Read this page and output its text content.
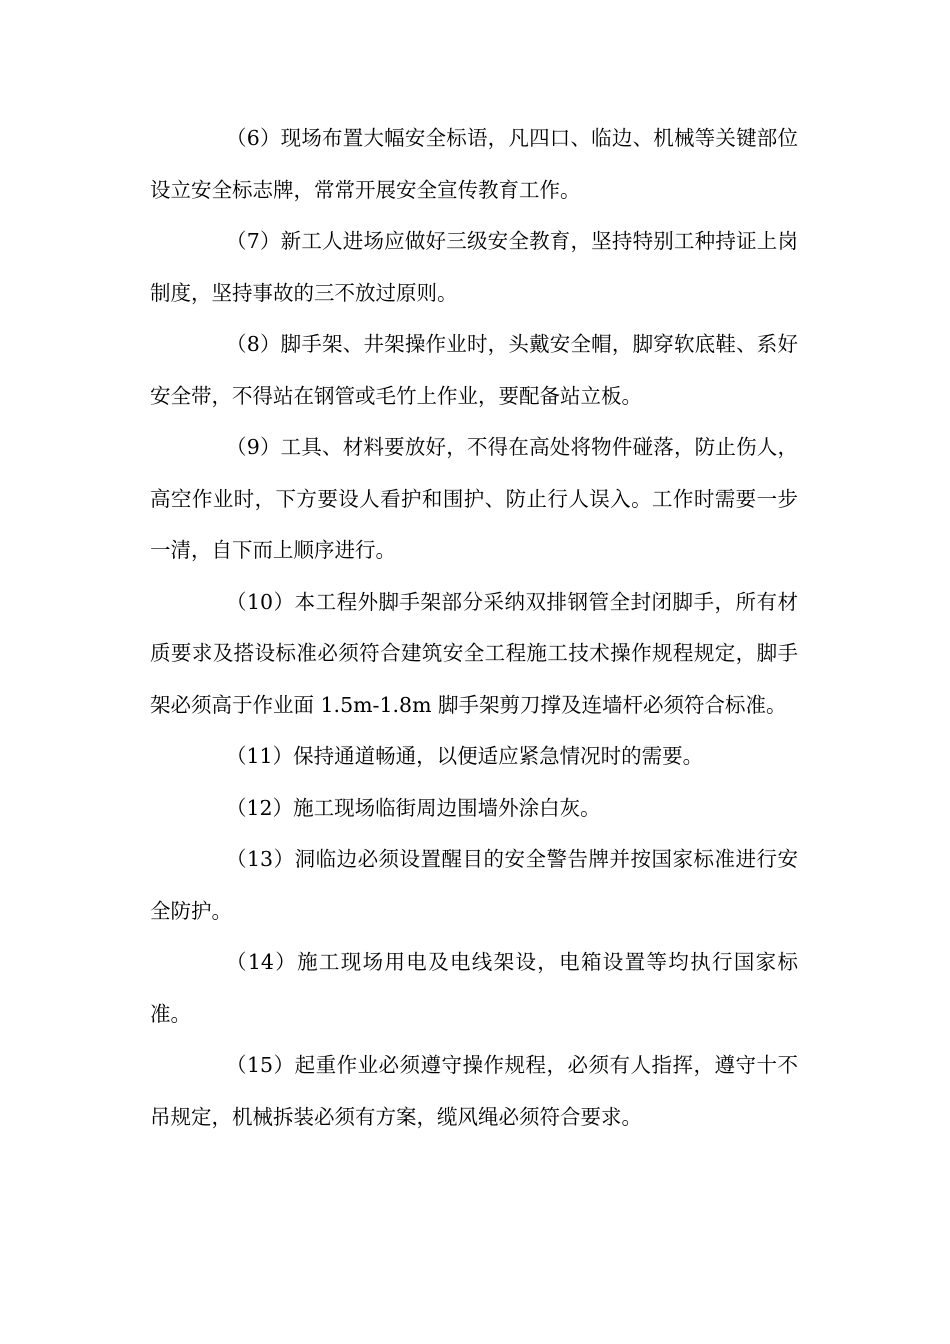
（6）现场布置大幅安全标语，凡四口、临边、机械等关键部位设立安全标志牌，常常开展安全宣传教育工作。

（7）新工人进场应做好三级安全教育，坚持特别工种持证上岗制度，坚持事故的三不放过原则。

（8）脚手架、井架操作业时，头戴安全帽，脚穿软底鞋、系好安全带，不得站在钢管或毛竹上作业，要配备站立板。

（9）工具、材料要放好，不得在高处将物件碰落，防止伤人，高空作业时，下方要设人看护和围护、防止行人误入。工作时需要一步一清，自下而上顺序进行。

（10）本工程外脚手架部分采纳双排钢管全封闭脚手，所有材质要求及搭设标准必须符合建筑安全工程施工技术操作规程规定，脚手架必须高于作业面 1.5m-1.8m 脚手架剪刀撑及连墙杆必须符合标准。

（11）保持通道畅通，以便适应紧急情况时的需要。

（12）施工现场临街周边围墙外涂白灰。

（13）洞临边必须设置醒目的安全警告牌并按国家标准进行安全防护。

（14）施工现场用电及电线架设，电箱设置等均执行国家标准。

（15）起重作业必须遵守操作规程，必须有人指挥，遵守十不吊规定，机械拆装必须有方案，缆风绳必须符合要求。
